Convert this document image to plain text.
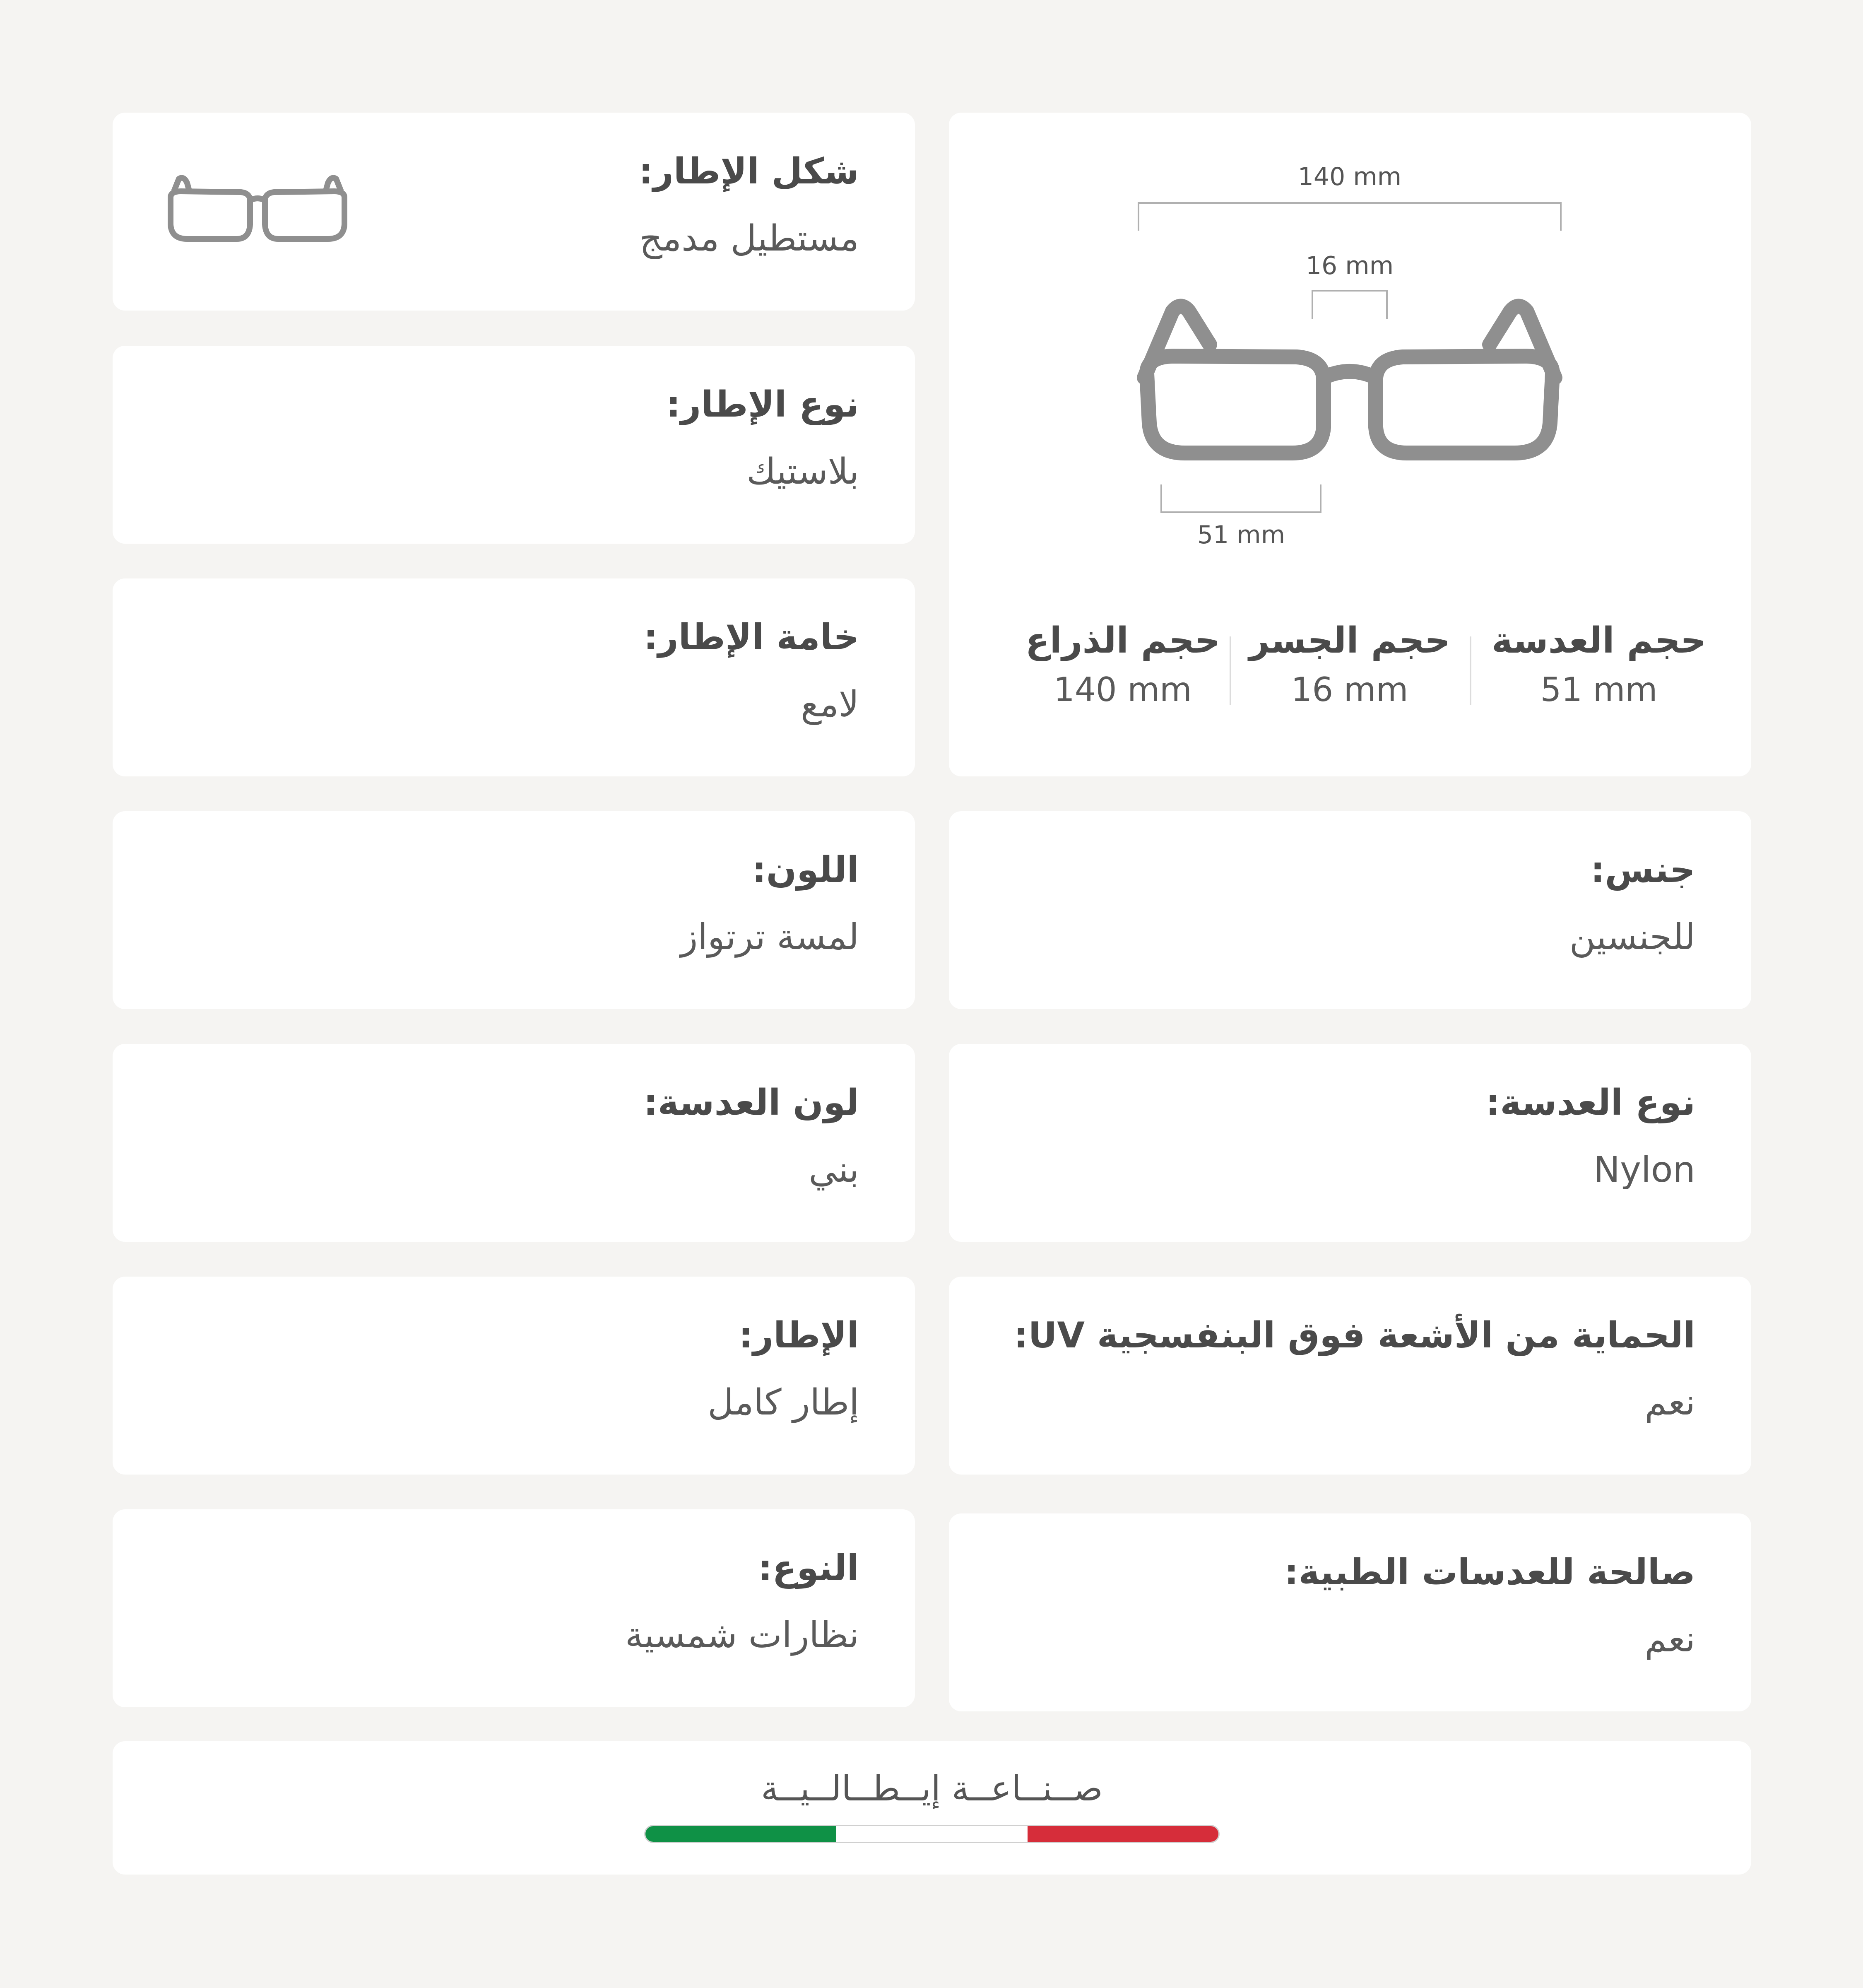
شكل الإطار:
مستطيل مدمج
نوع الإطار:
بلاستيك
خامة الإطار:
لامع
اللون:
لمسة ترتواز
لون العدسة:
بني
الإطار:
إطار كامل
النوع:
نظارات شمسية
140 mm
16 mm
51 mm
حجم الذراع
140 mm
حجم الجسر
16 mm
حجم العدسة
51 mm
جنس:
للجنسين
نوع العدسة:
Nylon
الحماية من الأشعة فوق البنفسجية UV:
نعم
صالحة للعدسات الطبية:
نعم
صــنــاعــة إيــطــالــيــة
